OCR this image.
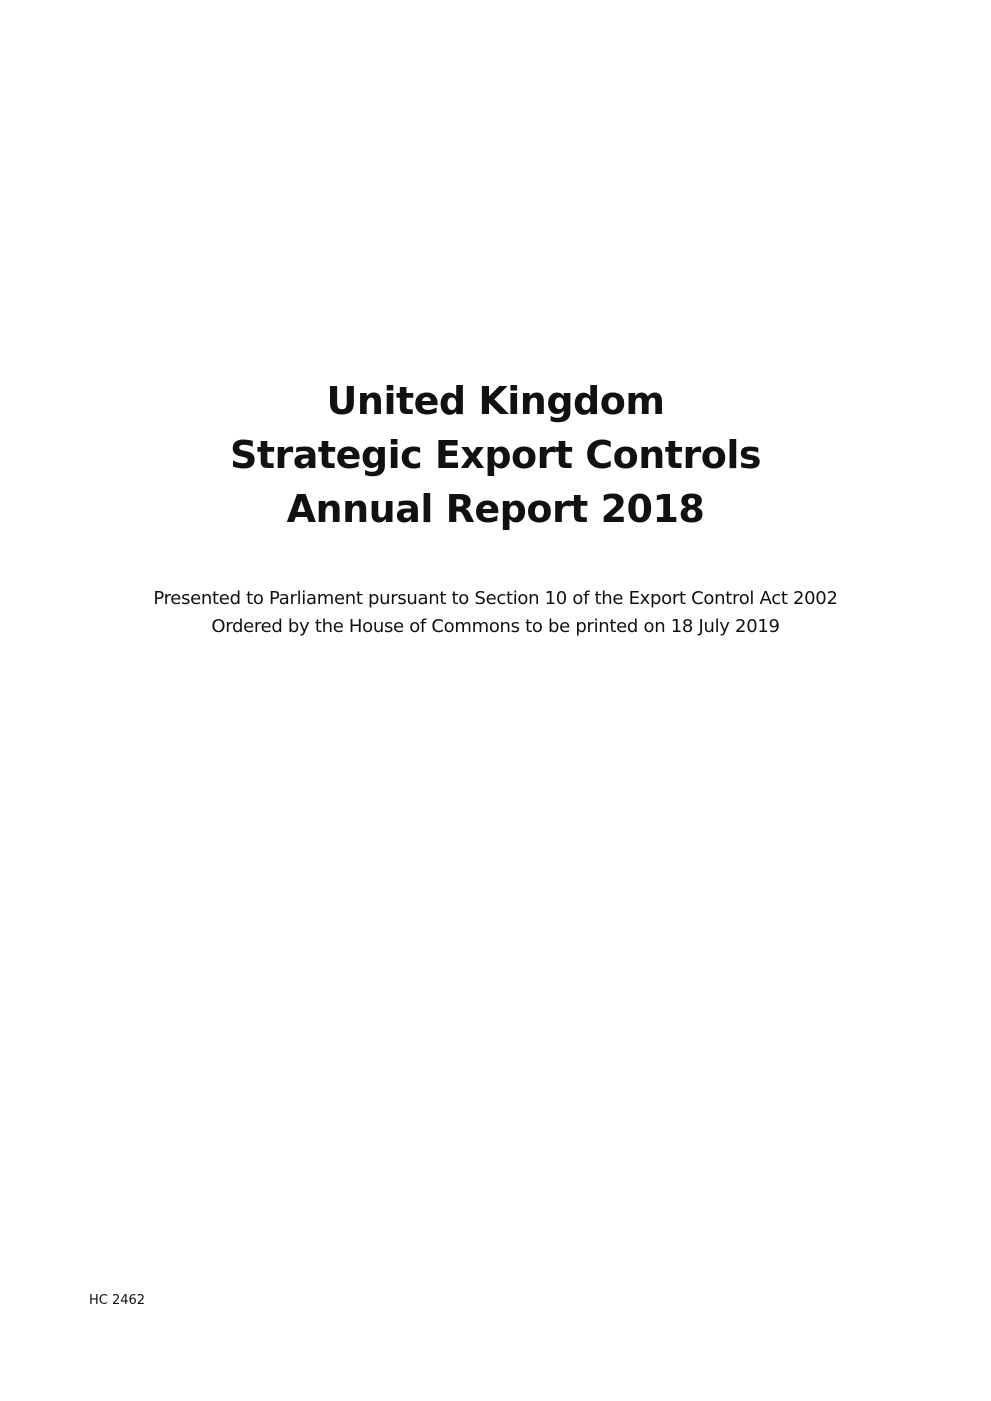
United Kingdom
Strategic Export Controls
Annual Report 2018
Presented to Parliament pursuant to Section 10 of the Export Control Act 2002
Ordered by the House of Commons to be printed on 18 July 2019
HC 2462
